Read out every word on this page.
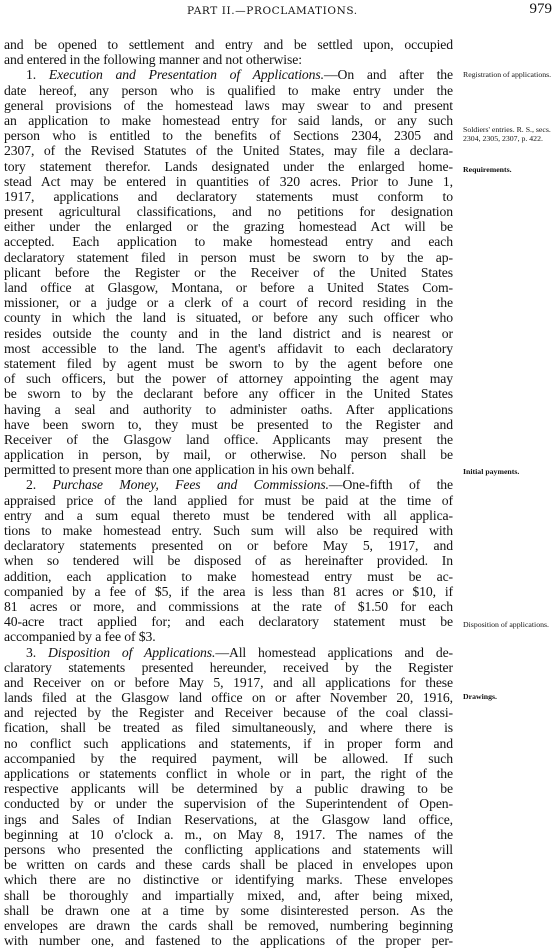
PART II.—PROCLAMATIONS.	979
and be opened to settlement and entry and be settled upon, occupied
and entered in the following manner and not otherwise:
1. Execution and Presentation of Applications.—On and after the
date hereof, any person who is qualified to make entry under the
general provisions of the homestead laws may swear to and present
an application to make homestead entry for said lands, or any such
person who is entitled to the benefits of Sections 2304, 2305 and
2307, of the Revised Statutes of the United States, may file a declara-
tory statement therefor. Lands designated under the enlarged home-
stead Act may be entered in quantities of 320 acres. Prior to June 1,
1917, applications and declaratory statements must conform to
present agricultural classifications, and no petitions for designation
either under the enlarged or the grazing homestead Act will be
accepted. Each application to make homestead entry and each
declaratory statement filed in person must be sworn to by the ap-
plicant before the Register or the Receiver of the United States
land office at Glasgow, Montana, or before a United States Com-
missioner, or a judge or a clerk of a court of record residing in the
county in which the land is situated, or before any such officer who
resides outside the county and in the land district and is nearest or
most accessible to the land. The agent's affidavit to each declaratory
statement filed by agent must be sworn to by the agent before one
of such officers, but the power of attorney appointing the agent may
be sworn to by the declarant before any officer in the United States
having a seal and authority to administer oaths. After applications
have been sworn to, they must be presented to the Register and
Receiver of the Glasgow land office. Applicants may present the
application in person, by mail, or otherwise. No person shall be
permitted to present more than one application in his own behalf.
2. Purchase Money, Fees and Commissions.—One-fifth of the
appraised price of the land applied for must be paid at the time of
entry and a sum equal thereto must be tendered with all applica-
tions to make homestead entry. Such sum will also be required with
declaratory statements presented on or before May 5, 1917, and
when so tendered will be disposed of as hereinafter provided. In
addition, each application to make homestead entry must be ac-
companied by a fee of $5, if the area is less than 81 acres or $10, if
81 acres or more, and commissions at the rate of $1.50 for each
40-acre tract applied for; and each declaratory statement must be
accompanied by a fee of $3.
3. Disposition of Applications.—All homestead applications and de-
claratory statements presented hereunder, received by the Register
and Receiver on or before May 5, 1917, and all applications for these
lands filed at the Glasgow land office on or after November 20, 1916,
and rejected by the Register and Receiver because of the coal classi-
fication, shall be treated as filed simultaneously, and where there is
no conflict such applications and statements, if in proper form and
accompanied by the required payment, will be allowed. If such
applications or statements conflict in whole or in part, the right of the
respective applicants will be determined by a public drawing to be
conducted by or under the supervision of the Superintendent of Open-
ings and Sales of Indian Reservations, at the Glasgow land office,
beginning at 10 o'clock a. m., on May 8, 1917. The names of the
persons who presented the conflicting applications and statements will
be written on cards and these cards shall be placed in envelopes upon
which there are no distinctive or identifying marks. These envelopes
shall be thoroughly and impartially mixed, and, after being mixed,
shall be drawn one at a time by some disinterested person. As the
envelopes are drawn the cards shall be removed, numbering beginning
with number one, and fastened to the applications of the proper per-
Registration of applications.
Soldiers' entries. R. S., secs. 2304, 2305, 2307, p. 422.
Requirements.
Initial payments.
Disposition of applications.
Drawings.
